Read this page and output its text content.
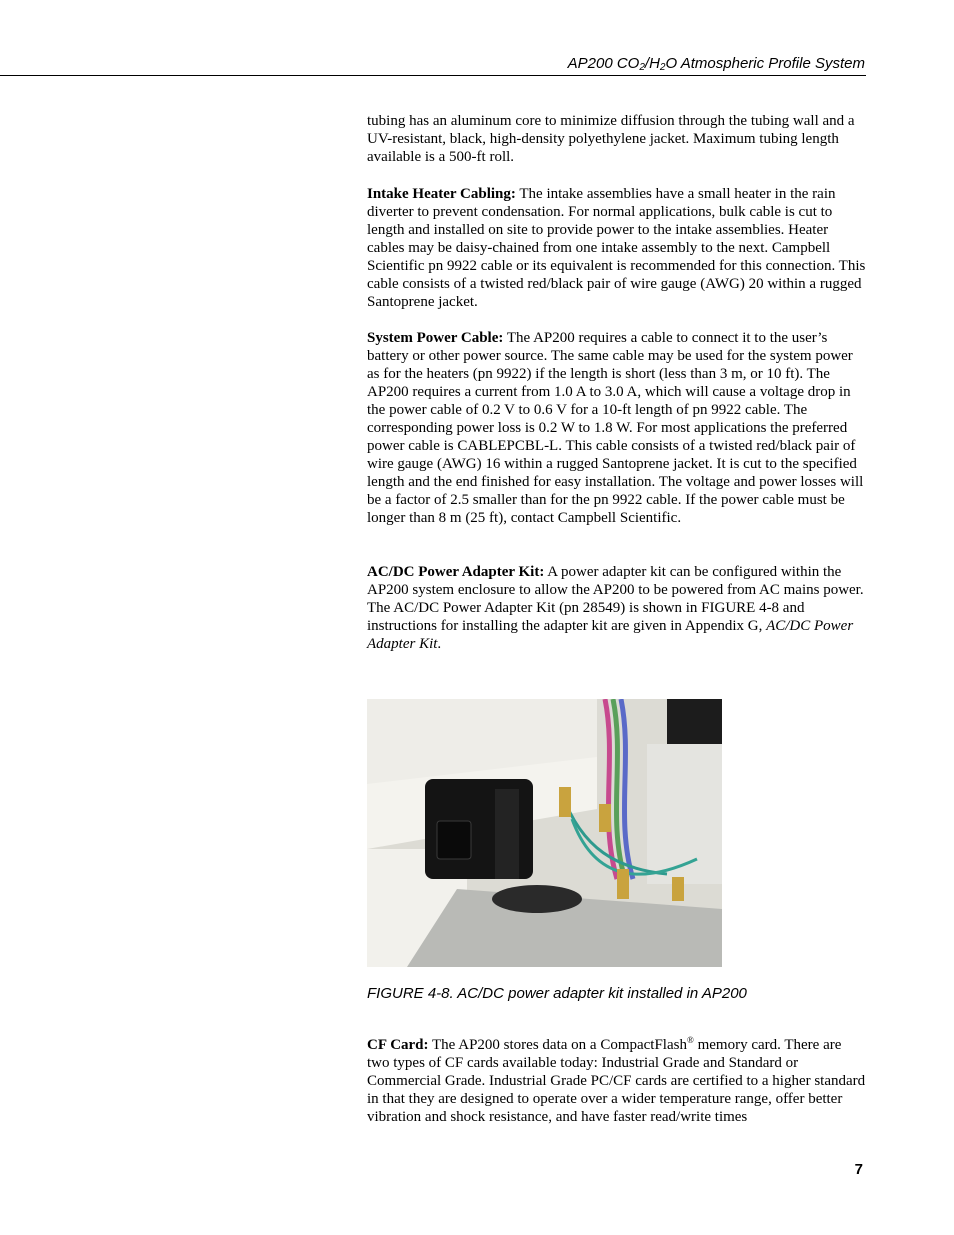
AP200 $CO_2/H_2O$ Atmospheric Profile System

tubing has an aluminum core to minimize diffusion through the tubing wall and a UV-resistant, black, high-density polyethylene jacket. Maximum tubing length available is a 500-ft roll.

Intake Heater Cabling: The intake assemblies have a small heater in the rain diverter to prevent condensation. For normal applications, bulk cable is cut to length and installed on site to provide power to the intake assemblies. Heater cables may be daisy-chained from one intake assembly to the next. Campbell Scientific pn 9922 cable or its equivalent is recommended for this connection. This cable consists of a twisted red/black pair of wire gauge (AWG) 20 within a rugged Santoprene jacket.

System Power Cable: The AP200 requires a cable to connect it to the user’s battery or other power source. The same cable may be used for the system power as for the heaters (pn 9922) if the length is short (less than 3 m, or 10 ft). The AP200 requires a current from 1.0 A to 3.0 A, which will cause a voltage drop in the power cable of 0.2 V to 0.6 V for a 10-ft length of pn 9922 cable. The corresponding power loss is 0.2 W to 1.8 W. For most applications the preferred power cable is CABLEPCBL-L. This cable consists of a twisted red/black pair of wire gauge (AWG) 16 within a rugged Santoprene jacket. It is cut to the specified length and the end finished for easy installation. The voltage and power losses will be a factor of 2.5 smaller than for the pn 9922 cable. If the power cable must be longer than 8 m (25 ft), contact Campbell Scientific.

AC/DC Power Adapter Kit: A power adapter kit can be configured within the AP200 system enclosure to allow the AP200 to be powered from AC mains power. The AC/DC Power Adapter Kit (pn 28549) is shown in FIGURE 4-8 and instructions for installing the adapter kit are given in Appendix G, AC/DC Power Adapter Kit.

FIGURE 4-8. AC/DC power adapter kit installed in AP200

CF Card: The AP200 stores data on a CompactFlash® memory card. There are two types of CF cards available today: Industrial Grade and Standard or Commercial Grade. Industrial Grade PC/CF cards are certified to a higher standard in that they are designed to operate over a wider temperature range, offer better vibration and shock resistance, and have faster read/write times

7
